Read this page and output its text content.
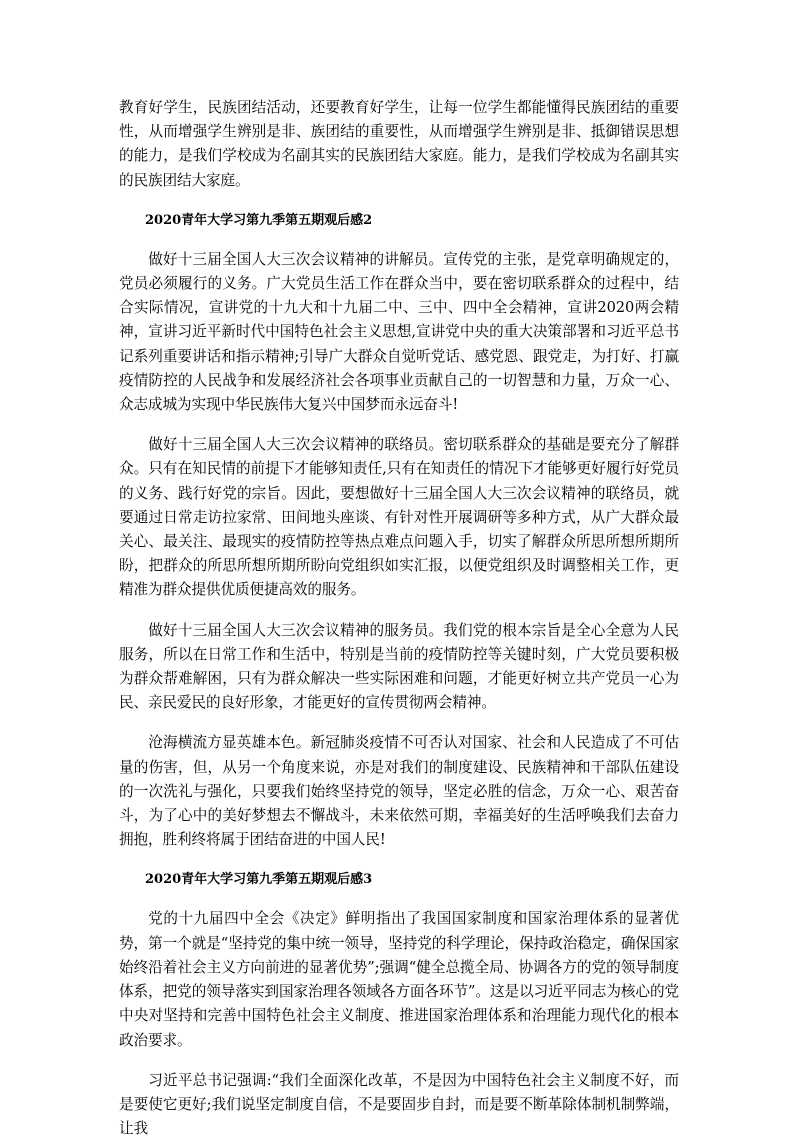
教育好学生，民族团结活动，还要教育好学生，让每一位学生都能懂得民族团结的重要性，从而增强学生辨别是非、族团结的重要性，从而增强学生辨别是非、抵御错误思想的能力，是我们学校成为名副其实的民族团结大家庭。能力，是我们学校成为名副其实的民族团结大家庭。

2020青年大学习第九季第五期观后感2

做好十三届全国人大三次会议精神的讲解员。宣传党的主张，是党章明确规定的，党员必须履行的义务。广大党员生活工作在群众当中，要在密切联系群众的过程中，结合实际情况，宣讲党的十九大和十九届二中、三中、四中全会精神，宣讲2020两会精神，宣讲习近平新时代中国特色社会主义思想,宣讲党中央的重大决策部署和习近平总书记系列重要讲话和指示精神;引导广大群众自觉听党话、感党恩、跟党走，为打好、打赢疫情防控的人民战争和发展经济社会各项事业贡献自己的一切智慧和力量，万众一心、众志成城为实现中华民族伟大复兴中国梦而永远奋斗!

做好十三届全国人大三次会议精神的联络员。密切联系群众的基础是要充分了解群众。只有在知民情的前提下才能够知责任,只有在知责任的情况下才能够更好履行好党员的义务、践行好党的宗旨。因此，要想做好十三届全国人大三次会议精神的联络员，就要通过日常走访拉家常、田间地头座谈、有针对性开展调研等多种方式，从广大群众最关心、最关注、最现实的疫情防控等热点难点问题入手，切实了解群众所思所想所期所盼，把群众的所思所想所期所盼向党组织如实汇报，以便党组织及时调整相关工作，更精准为群众提供优质便捷高效的服务。

做好十三届全国人大三次会议精神的服务员。我们党的根本宗旨是全心全意为人民服务，所以在日常工作和生活中，特别是当前的疫情防控等关键时刻，广大党员要积极为群众帮难解困，只有为群众解决一些实际困难和问题，才能更好树立共产党员一心为民、亲民爱民的良好形象，才能更好的宣传贯彻两会精神。

沧海横流方显英雄本色。新冠肺炎疫情不可否认对国家、社会和人民造成了不可估量的伤害，但，从另一个角度来说，亦是对我们的制度建设、民族精神和干部队伍建设的一次洗礼与强化，只要我们始终坚持党的领导，坚定必胜的信念，万众一心、艰苦奋斗，为了心中的美好梦想去不懈战斗，未来依然可期，幸福美好的生活呼唤我们去奋力拥抱，胜利终将属于团结奋进的中国人民!

2020青年大学习第九季第五期观后感3

党的十九届四中全会《决定》鲜明指出了我国国家制度和国家治理体系的显著优势，第一个就是“坚持党的集中统一领导，坚持党的科学理论，保持政治稳定，确保国家始终沿着社会主义方向前进的显著优势”;强调“健全总揽全局、协调各方的党的领导制度体系，把党的领导落实到国家治理各领域各方面各环节”。这是以习近平同志为核心的党中央对坚持和完善中国特色社会主义制度、推进国家治理体系和治理能力现代化的根本政治要求。

习近平总书记强调:“我们全面深化改革，不是因为中国特色社会主义制度不好，而是要使它更好;我们说坚定制度自信，不是要固步自封，而是要不断革除体制机制弊端，让我
